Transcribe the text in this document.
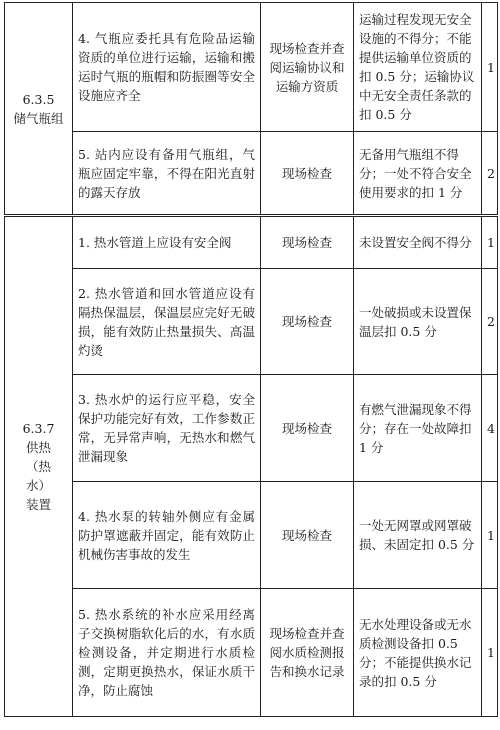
6.3.5
储气瓶组	4. 气瓶应委托具有危险品运输资质的单位进行运输，运输和搬运时气瓶的瓶帽和防振圈等安全设施应齐全	现场检查并查阅运输协议和运输方资质	运输过程发现无安全设施的不得分；不能提供运输单位资质的扣 0.5 分；运输协议中无安全责任条款的扣 0.5 分	1
	5. 站内应设有备用气瓶组，气瓶应固定牢靠，不得在阳光直射的露天存放	现场检查	无备用气瓶组不得分；一处不符合安全使用要求的扣 1 分	2

6.3.7
供热（热水）装置	1. 热水管道上应设有安全阀	现场检查	未设置安全阀不得分	1
	2. 热水管道和回水管道应设有隔热保温层，保温层应完好无破损，能有效防止热量损失、高温灼烫	现场检查	一处破损或未设置保温层扣 0.5 分	2
	3. 热水炉的运行应平稳，安全保护功能完好有效，工作参数正常，无异常声响，无热水和燃气泄漏现象	现场检查	有燃气泄漏现象不得分；存在一处故障扣 1 分	4
	4. 热水泵的转轴外侧应有金属防护罩遮蔽并固定，能有效防止机械伤害事故的发生	现场检查	一处无网罩或网罩破损、未固定扣 0.5 分	1
	5. 热水系统的补水应采用经离子交换树脂软化后的水，有水质检测设备，并定期进行水质检测，定期更换热水，保证水质干净，防止腐蚀	现场检查并查阅水质检测报告和换水记录	无水处理设备或无水质检测设备扣 0.5 分；不能提供换水记录的扣 0.5 分	1
